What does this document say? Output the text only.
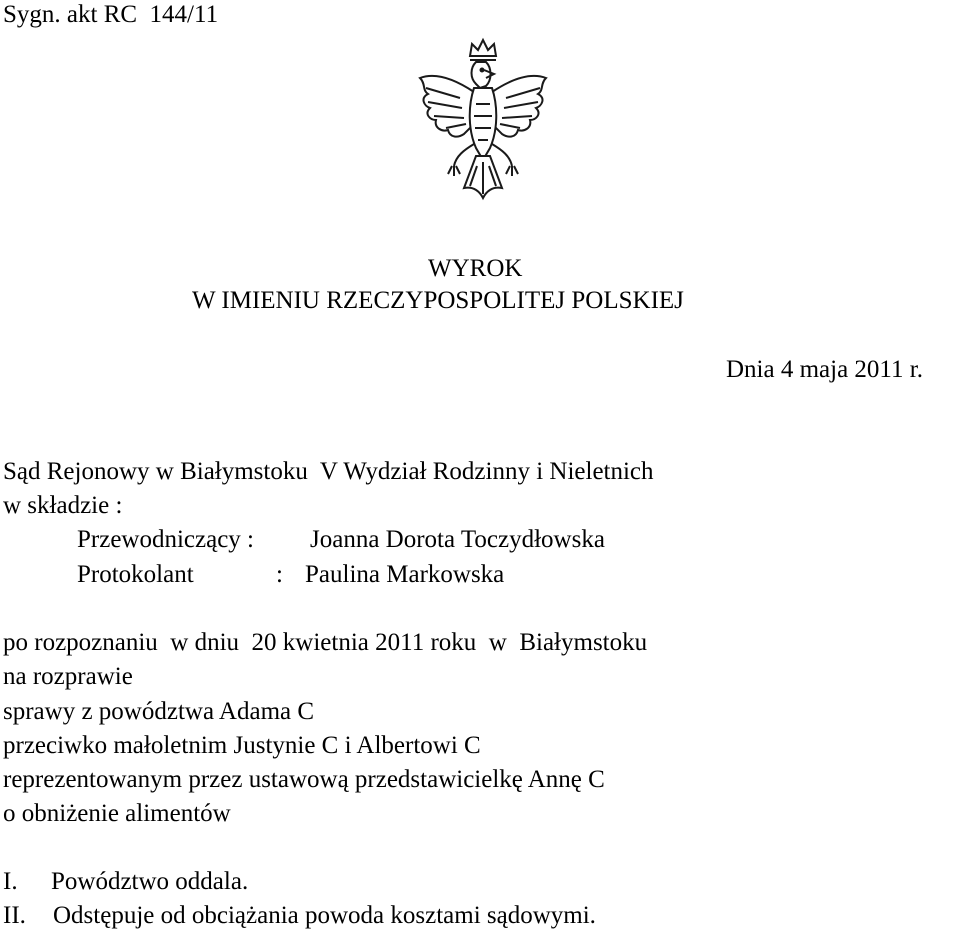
Sygn. akt RC  144/11
WYROK
W IMIENIU RZECZYPOSPOLITEJ POLSKIEJ
Dnia 4 maja 2011 r.
Sąd Rejonowy w Białymstoku  V Wydział Rodzinny i Nieletnich
w składzie :
Przewodniczący : Joanna Dorota Toczydłowska
Protokolant	: Paulina Markowska
po rozpoznaniu  w dniu  20 kwietnia 2011 roku  w  Białymstoku
na rozprawie
sprawy z powództwa Adama C
przeciwko małoletnim Justynie C i Albertowi C
reprezentowanym przez ustawową przedstawicielkę Annę C
o obniżenie alimentów
I. Powództwo oddala.
II. Odstępuje od obciążania powoda kosztami sądowymi.
